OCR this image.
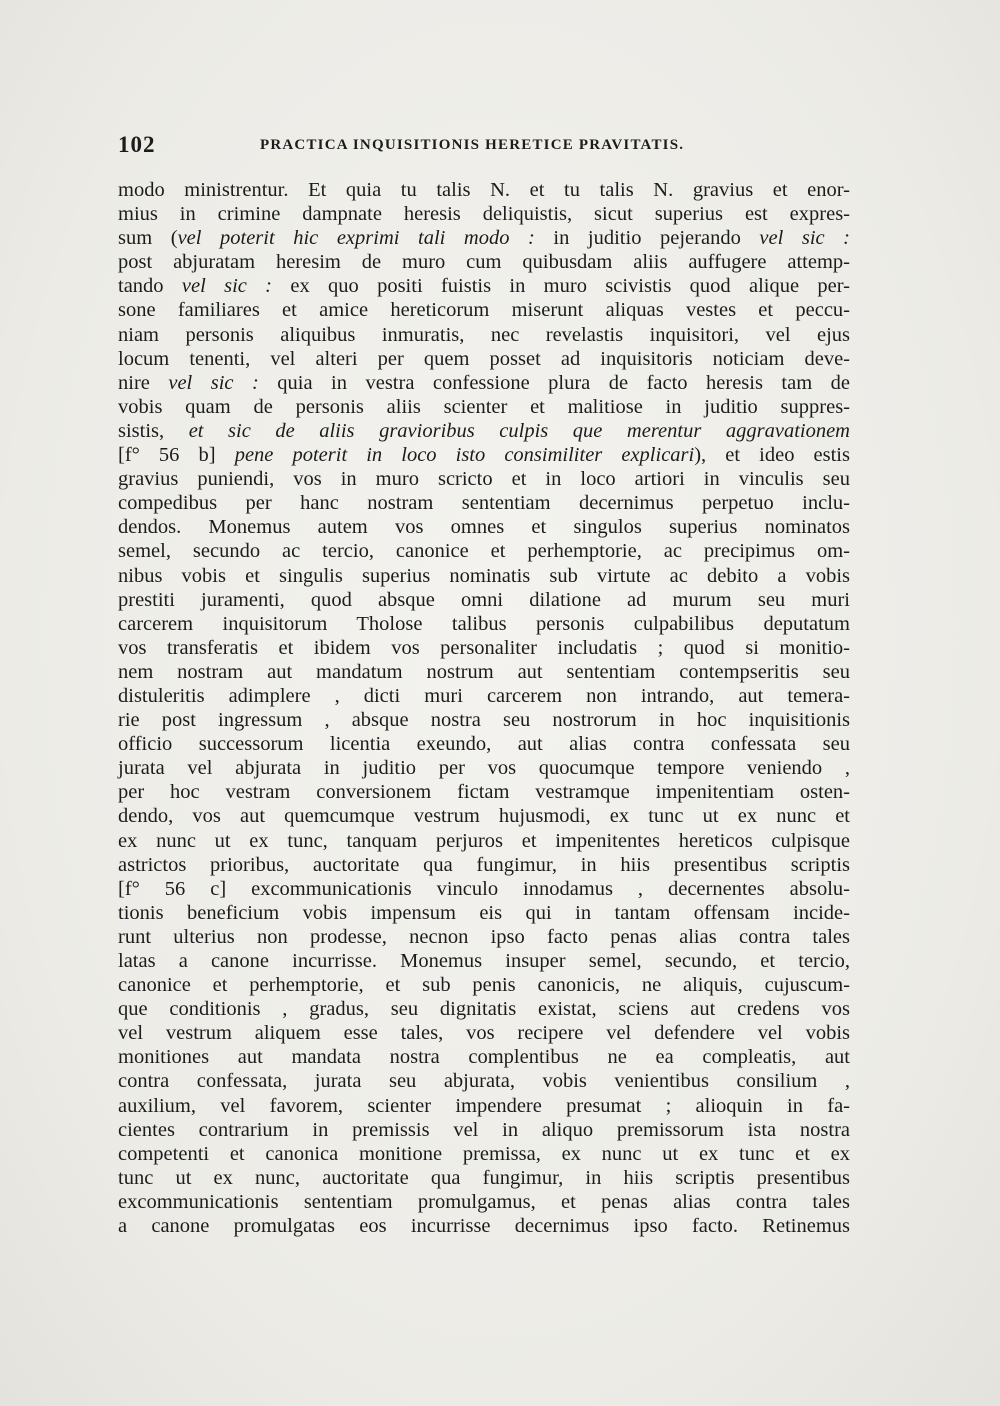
102	PRACTICA INQUISITIONIS HERETICE PRAVITATIS.
modo ministrentur. Et quia tu talis N. et tu talis N. gravius et enor-
mius in crimine dampnate heresis deliquistis, sicut superius est expres-
sum (vel poterit hic exprimi tali modo : in juditio pejerando vel sic :
post abjuratam heresim de muro cum quibusdam aliis auffugere attemp-
tando vel sic : ex quo positi fuistis in muro scivistis quod alique per-
sone familiares et amice hereticorum miserunt aliquas vestes et peccu-
niam personis aliquibus inmuratis, nec revelastis inquisitori, vel ejus
locum tenenti, vel alteri per quem posset ad inquisitoris noticiam deve-
nire vel sic : quia in vestra confessione plura de facto heresis tam de
vobis quam de personis aliis scienter et malitiose in juditio suppres-
sistis, et sic de aliis gravioribus culpis que merentur aggravationem
[f° 56 b] pene poterit in loco isto consimiliter explicari), et ideo estis
gravius puniendi, vos in muro scricto et in loco artiori in vinculis seu
compedibus per hanc nostram sententiam decernimus perpetuo inclu-
dendos. Monemus autem vos omnes et singulos superius nominatos
semel, secundo ac tercio, canonice et perhemptorie, ac precipimus om-
nibus vobis et singulis superius nominatis sub virtute ac debito a vobis
prestiti juramenti, quod absque omni dilatione ad murum seu muri
carcerem inquisitorum Tholose talibus personis culpabilibus deputatum
vos transferatis et ibidem vos personaliter includatis ; quod si monitio-
nem nostram aut mandatum nostrum aut sententiam contempseritis seu
distuleritis adimplere , dicti muri carcerem non intrando, aut temera-
rie post ingressum , absque nostra seu nostrorum in hoc inquisitionis
officio successorum licentia exeundo, aut alias contra confessata seu
jurata vel abjurata in juditio per vos quocumque tempore veniendo ,
per hoc vestram conversionem fictam vestramque impenitentiam osten-
dendo, vos aut quemcumque vestrum hujusmodi, ex tunc ut ex nunc et
ex nunc ut ex tunc, tanquam perjuros et impenitentes hereticos culpisque
astrictos prioribus, auctoritate qua fungimur, in hiis presentibus scriptis
[f° 56 c] excommunicationis vinculo innodamus , decernentes absolu-
tionis beneficium vobis impensum eis qui in tantam offensam incide-
runt ulterius non prodesse, necnon ipso facto penas alias contra tales
latas a canone incurrisse. Monemus insuper semel, secundo, et tercio,
canonice et perhemptorie, et sub penis canonicis, ne aliquis, cujuscum-
que conditionis , gradus, seu dignitatis existat, sciens aut credens vos
vel vestrum aliquem esse tales, vos recipere vel defendere vel vobis
monitiones aut mandata nostra complentibus ne ea compleatis, aut
contra confessata, jurata seu abjurata, vobis venientibus consilium ,
auxilium, vel favorem, scienter impendere presumat ; alioquin in fa-
cientes contrarium in premissis vel in aliquo premissorum ista nostra
competenti et canonica monitione premissa, ex nunc ut ex tunc et ex
tunc ut ex nunc, auctoritate qua fungimur, in hiis scriptis presentibus
excommunicationis sententiam promulgamus, et penas alias contra tales
a canone promulgatas eos incurrisse decernimus ipso facto. Retinemus
